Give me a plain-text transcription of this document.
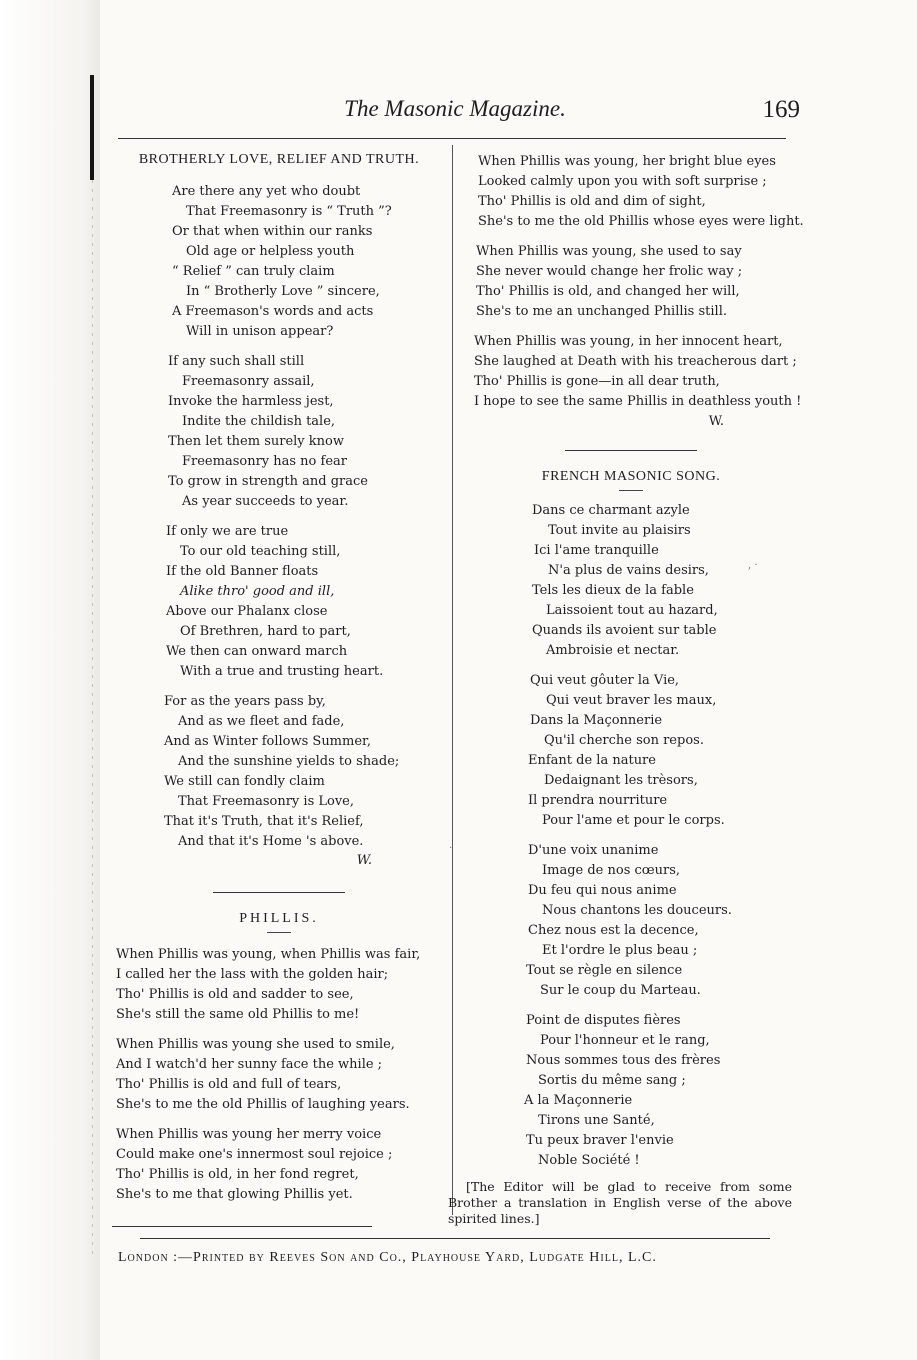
The Masonic Magazine.	169
BROTHERLY LOVE, RELIEF AND TRUTH.
Are there any yet who doubt
That Freemasonry is “ Truth ”?
Or that when within our ranks
Old age or helpless youth
“ Relief ” can truly claim
In “ Brotherly Love ” sincere,
A Freemason's words and acts
Will in unison appear?
If any such shall still
Freemasonry assail,
Invoke the harmless jest,
Indite the childish tale,
Then let them surely know
Freemasonry has no fear
To grow in strength and grace
As year succeeds to year.
If only we are true
To our old teaching still,
If the old Banner floats
Alike thro' good and ill,
Above our Phalanx close
Of Brethren, hard to part,
We then can onward march
With a true and trusting heart.
For as the years pass by,
And as we fleet and fade,
And as Winter follows Summer,
And the sunshine yields to shade;
We still can fondly claim
That Freemasonry is Love,
That it's Truth, that it's Relief,
And that it's Home 's above.
W.
PHILLIS.
When Phillis was young, when Phillis was fair,
I called her the lass with the golden hair;
Tho' Phillis is old and sadder to see,
She's still the same old Phillis to me!
When Phillis was young she used to smile,
And I watch'd her sunny face the while ;
Tho' Phillis is old and full of tears,
She's to me the old Phillis of laughing years.
When Phillis was young her merry voice
Could make one's innermost soul rejoice ;
Tho' Phillis is old, in her fond regret,
She's to me that glowing Phillis yet.
When Phillis was young, her bright blue eyes
Looked calmly upon you with soft surprise ;
Tho' Phillis is old and dim of sight,
She's to me the old Phillis whose eyes were light.
When Phillis was young, she used to say
She never would change her frolic way ;
Tho' Phillis is old, and changed her will,
She's to me an unchanged Phillis still.
When Phillis was young, in her innocent heart,
She laughed at Death with his treacherous dart ;
Tho' Phillis is gone—in all dear truth,
I hope to see the same Phillis in deathless youth !
W.
FRENCH MASONIC SONG.
Dans ce charmant azyle
Tout invite au plaisirs
Ici l'ame tranquille
N'a plus de vains desirs,
Tels les dieux de la fable
Laissoient tout au hazard,
Quands ils avoient sur table
Ambroisie et nectar.
Qui veut gôuter la Vie,
Qui veut braver les maux,
Dans la Maçonnerie
Qu'il cherche son repos.
Enfant de la nature
Dedaignant les trèsors,
Il prendra nourriture
Pour l'ame et pour le corps.
D'une voix unanime
Image de nos cœurs,
Du feu qui nous anime
Nous chantons les douceurs.
Chez nous est la decence,
Et l'ordre le plus beau ;
Tout se règle en silence
Sur le coup du Marteau.
Point de disputes fières
Pour l'honneur et le rang,
Nous sommes tous des frères
Sortis du même sang ;
A la Maçonnerie
Tirons une Santé,
Tu peux braver l'envie
Noble Société !
[The Editor will be glad to receive from some Brother a translation in English verse of the above spirited lines.]
·
, ·
London :—Printed by Reeves Son and Co., Playhouse Yard, Ludgate Hill, L.C.
